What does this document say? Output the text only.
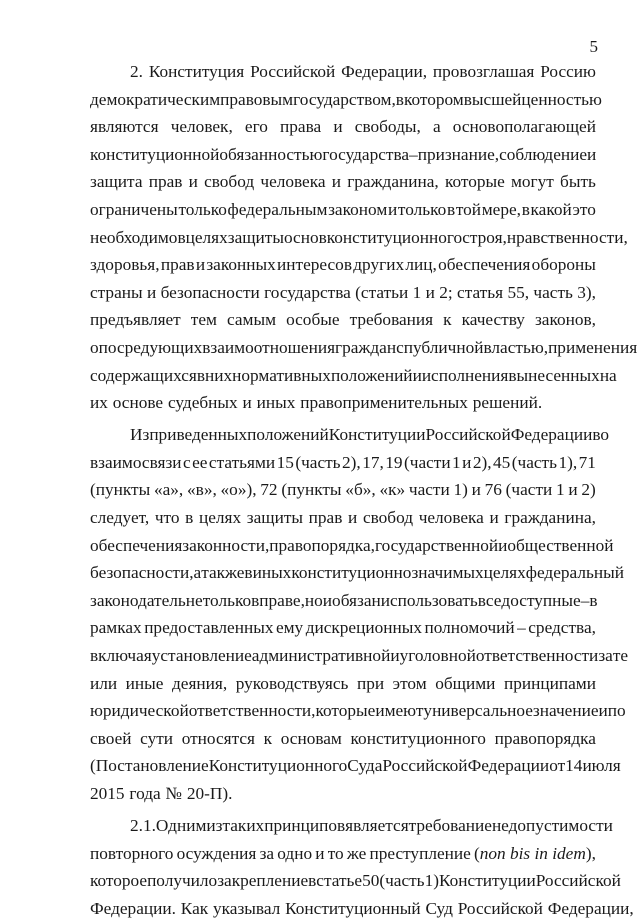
5
2. Конституция Российской Федерации, провозглашая Россию
демократическим правовым государством, в котором высшей ценностью
являются человек, его права и свободы, а основополагающей
конституционной обязанностью государства – признание, соблюдение и
защита прав и свобод человека и гражданина, которые могут быть
ограничены только федеральным законом и только в той мере, в какой это
необходимо в целях защиты основ конституционного строя, нравственности,
здоровья, прав и законных интересов других лиц, обеспечения обороны
страны и безопасности государства (статьи 1 и 2; статья 55, часть 3),
предъявляет тем самым особые требования к качеству законов,
опосредующих взаимоотношения граждан с публичной властью, применения
содержащихся в них нормативных положений и исполнения вынесенных на
их основе судебных и иных правоприменительных решений.
Из приведенных положений Конституции Российской Федерации во
взаимосвязи с ее статьями 15 (часть 2), 17, 19 (части 1 и 2), 45 (часть 1), 71
(пункты «а», «в», «о»), 72 (пункты «б», «к» части 1) и 76 (части 1 и 2)
следует, что в целях защиты прав и свобод человека и гражданина,
обеспечения законности, правопорядка, государственной и общественной
безопасности, а также в иных конституционно значимых целях федеральный
законодатель не только вправе, но и обязан использовать все доступные – в
рамках предоставленных ему дискреционных полномочий – средства,
включая установление административной и уголовной ответственности за те
или иные деяния, руководствуясь при этом общими принципами
юридической ответственности, которые имеют универсальное значение и по
своей сути относятся к основам конституционного правопорядка
(Постановление Конституционного Суда Российской Федерации от 14 июля
2015 года № 20-П).
2.1. Одним из таких принципов является требование недопустимости
повторного осуждения за одно и то же преступление (non bis in idem),
которое получило закрепление в статье 50 (часть 1) Конституции Российской
Федерации. Как указывал Конституционный Суд Российской Федерации,
